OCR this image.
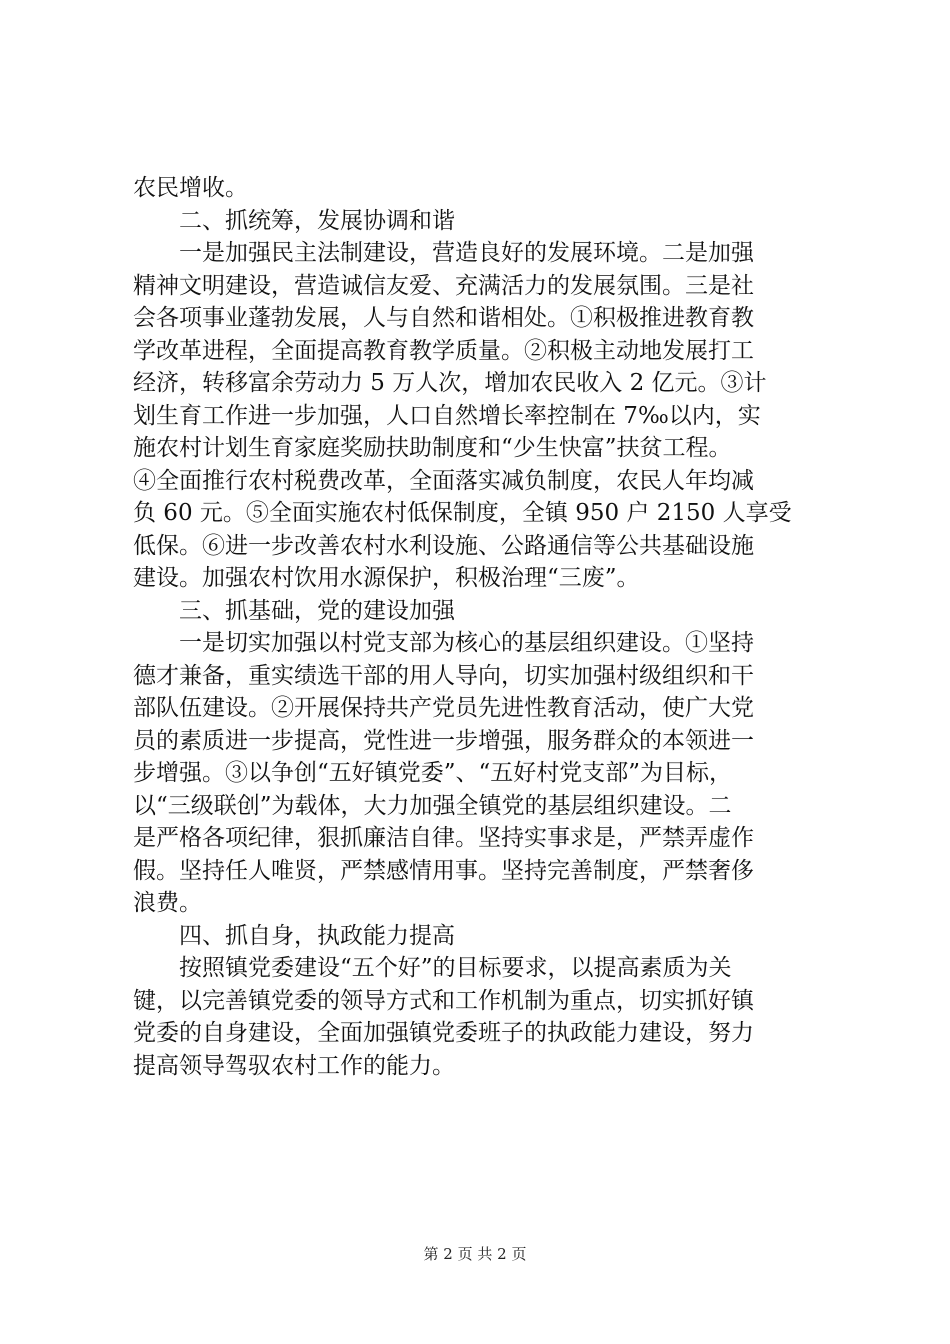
农民增收。
二、抓统筹，发展协调和谐
一是加强民主法制建设，营造良好的发展环境。二是加强
精神文明建设，营造诚信友爱、充满活力的发展氛围。三是社
会各项事业蓬勃发展，人与自然和谐相处。①积极推进教育教
学改革进程，全面提高教育教学质量。②积极主动地发展打工
经济，转移富余劳动力 5 万人次，增加农民收入 2 亿元。③计
划生育工作进一步加强，人口自然增长率控制在 7‰以内，实
施农村计划生育家庭奖励扶助制度和“少生快富”扶贫工程。
④全面推行农村税费改革，全面落实减负制度，农民人年均减
负 60 元。⑤全面实施农村低保制度，全镇 950 户 2150 人享受
低保。⑥进一步改善农村水利设施、公路通信等公共基础设施
建设。加强农村饮用水源保护，积极治理“三废”。
三、抓基础，党的建设加强
一是切实加强以村党支部为核心的基层组织建设。①坚持
德才兼备，重实绩选干部的用人导向，切实加强村级组织和干
部队伍建设。②开展保持共产党员先进性教育活动，使广大党
员的素质进一步提高，党性进一步增强，服务群众的本领进一
步增强。③以争创“五好镇党委”、“五好村党支部”为目标，
以“三级联创”为载体，大力加强全镇党的基层组织建设。二
是严格各项纪律，狠抓廉洁自律。坚持实事求是，严禁弄虚作
假。坚持任人唯贤，严禁感情用事。坚持完善制度，严禁奢侈
浪费。
四、抓自身，执政能力提高
按照镇党委建设“五个好”的目标要求，以提高素质为关
键，以完善镇党委的领导方式和工作机制为重点，切实抓好镇
党委的自身建设，全面加强镇党委班子的执政能力建设，努力
提高领导驾驭农村工作的能力。
第 2 页 共 2 页
